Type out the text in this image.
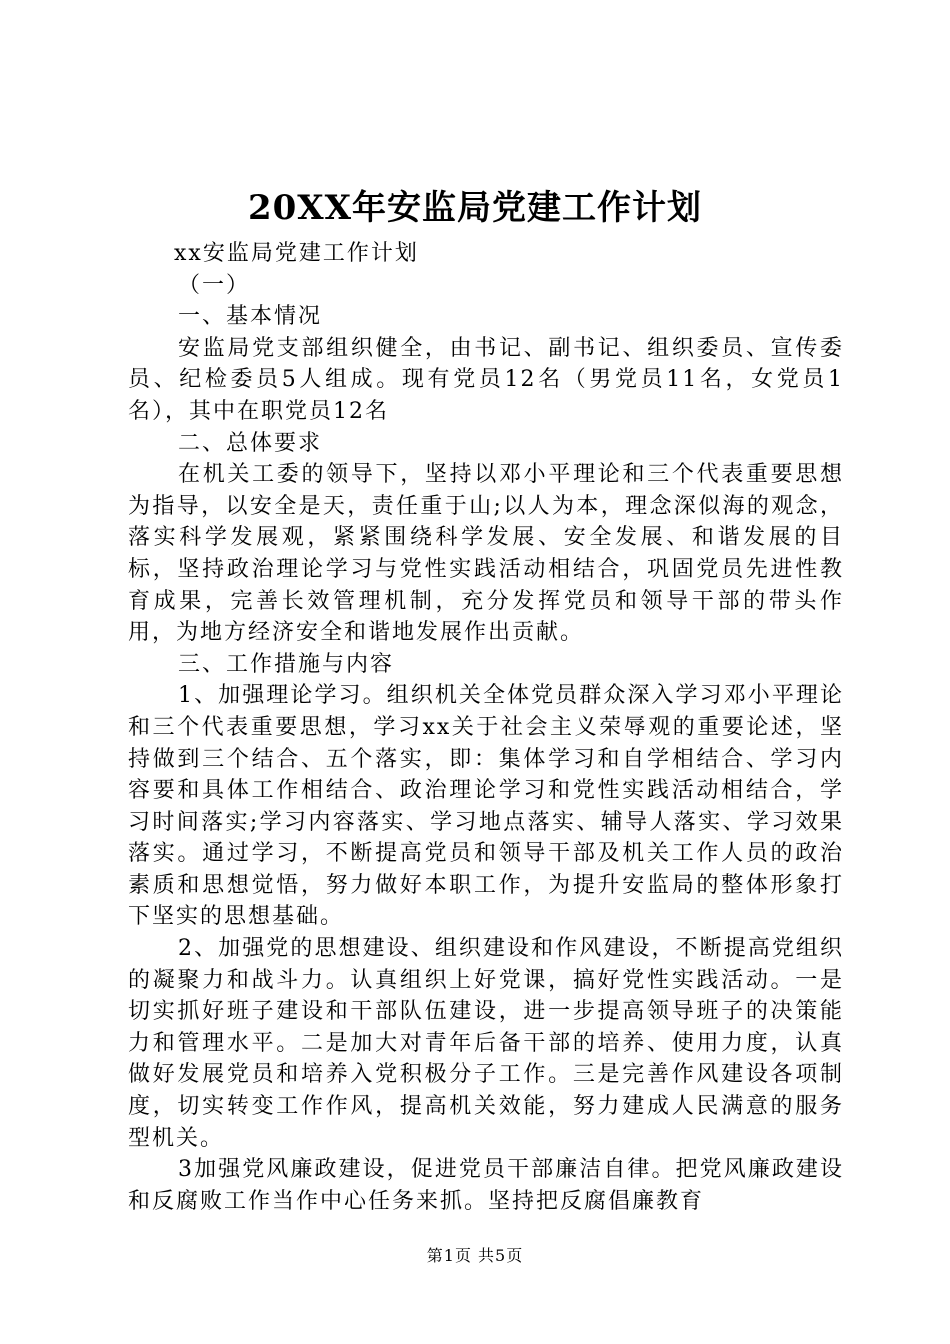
20XX年安监局党建工作计划

xx安监局党建工作计划

（一）

一、基本情况

安监局党支部组织健全，由书记、副书记、组织委员、宣传委员、纪检委员5人组成。现有党员12名（男党员11名，女党员1名），其中在职党员12名

二、总体要求

在机关工委的领导下，坚持以邓小平理论和三个代表重要思想为指导，以安全是天，责任重于山;以人为本，理念深似海的观念，落实科学发展观，紧紧围绕科学发展、安全发展、和谐发展的目标，坚持政治理论学习与党性实践活动相结合，巩固党员先进性教育成果，完善长效管理机制，充分发挥党员和领导干部的带头作用，为地方经济安全和谐地发展作出贡献。

三、工作措施与内容

1、加强理论学习。组织机关全体党员群众深入学习邓小平理论和三个代表重要思想，学习xx关于社会主义荣辱观的重要论述，坚持做到三个结合、五个落实，即：集体学习和自学相结合、学习内容要和具体工作相结合、政治理论学习和党性实践活动相结合，学习时间落实;学习内容落实、学习地点落实、辅导人落实、学习效果落实。通过学习，不断提高党员和领导干部及机关工作人员的政治素质和思想觉悟，努力做好本职工作，为提升安监局的整体形象打下坚实的思想基础。

2、加强党的思想建设、组织建设和作风建设，不断提高党组织的凝聚力和战斗力。认真组织上好党课，搞好党性实践活动。一是切实抓好班子建设和干部队伍建设，进一步提高领导班子的决策能力和管理水平。二是加大对青年后备干部的培养、使用力度，认真做好发展党员和培养入党积极分子工作。三是完善作风建设各项制度，切实转变工作作风，提高机关效能，努力建成人民满意的服务型机关。

3加强党风廉政建设，促进党员干部廉洁自律。把党风廉政建设和反腐败工作当作中心任务来抓。坚持把反腐倡廉教育

第1页 共5页
